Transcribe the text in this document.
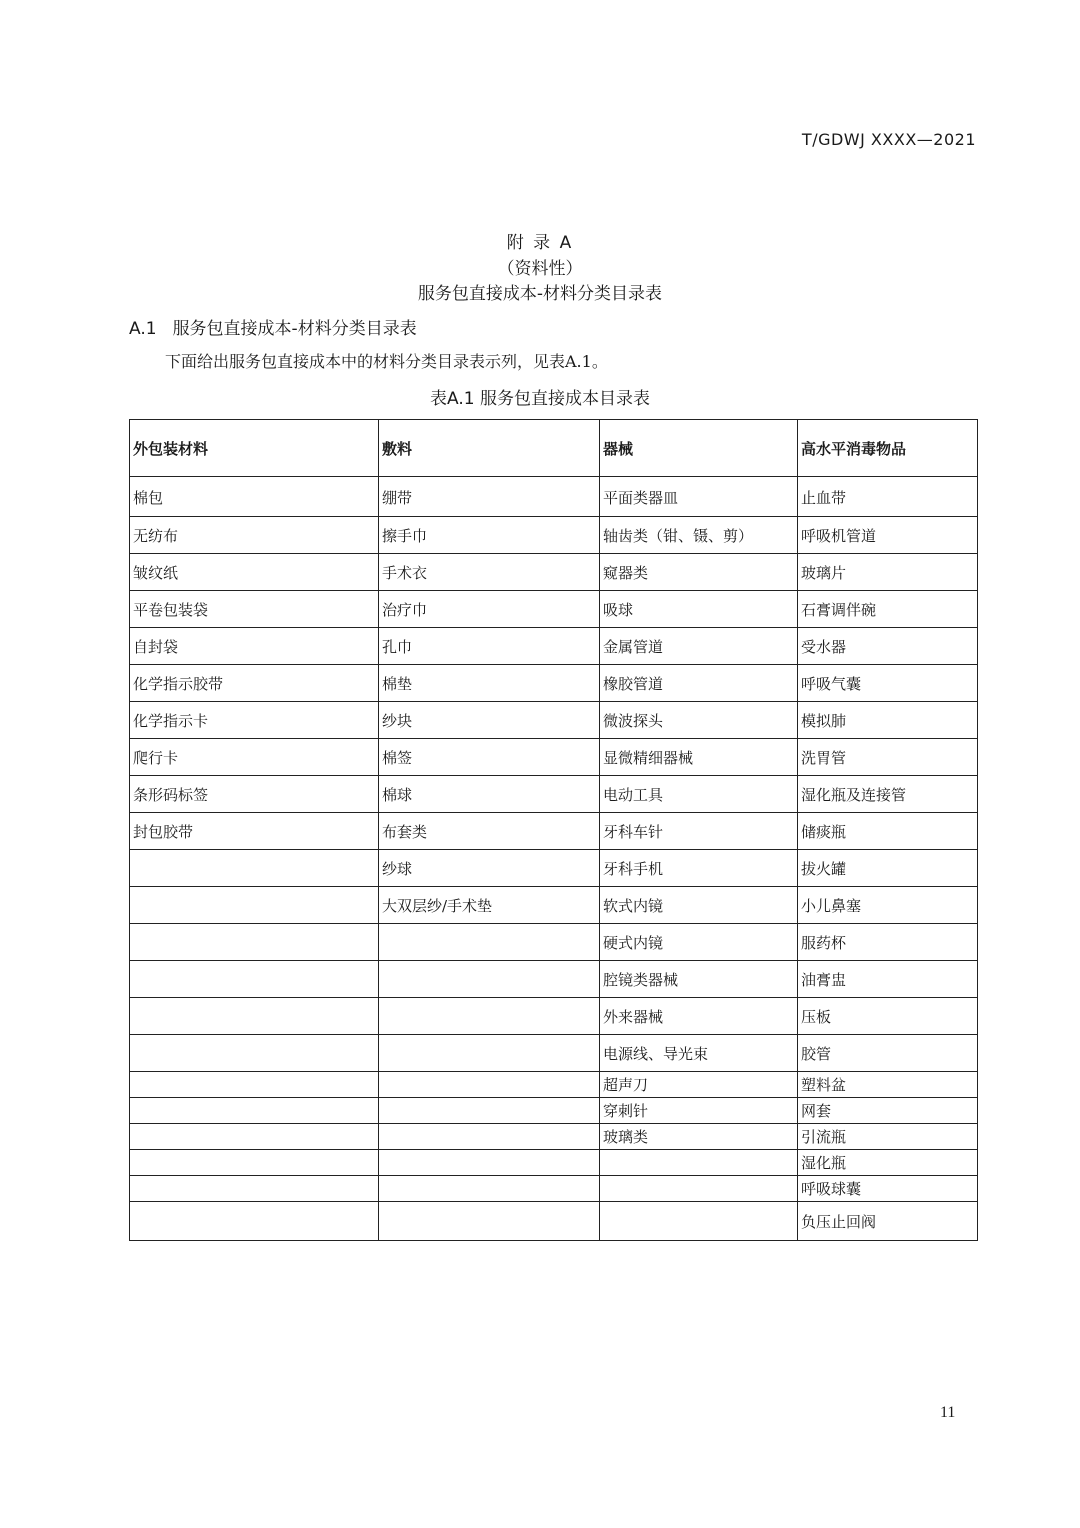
T/GDWJ XXXX—2021
附 录 A
（资料性）
服务包直接成本-材料分类目录表
A.1 服务包直接成本-材料分类目录表
下面给出服务包直接成本中的材料分类目录表示列，见表A.1。
表A.1 服务包直接成本目录表
外包装材料	敷料	器械	高水平消毒物品
棉包	绷带	平面类器皿	止血带
无纺布	擦手巾	轴齿类（钳、镊、剪）	呼吸机管道
皱纹纸	手术衣	窥器类	玻璃片
平卷包装袋	治疗巾	吸球	石膏调伴碗
自封袋	孔巾	金属管道	受水器
化学指示胶带	棉垫	橡胶管道	呼吸气囊
化学指示卡	纱块	微波探头	模拟肺
爬行卡	棉签	显微精细器械	洗胃管
条形码标签	棉球	电动工具	湿化瓶及连接管
封包胶带	布套类	牙科车针	储痰瓶
	纱球	牙科手机	拔火罐
	大双层纱/手术垫	软式内镜	小儿鼻塞
		硬式内镜	服药杯
		腔镜类器械	油膏盅
		外来器械	压板
		电源线、导光束	胶管
		超声刀	塑料盆
		穿刺针	网套
		玻璃类	引流瓶
			湿化瓶
			呼吸球囊
			负压止回阀
11
